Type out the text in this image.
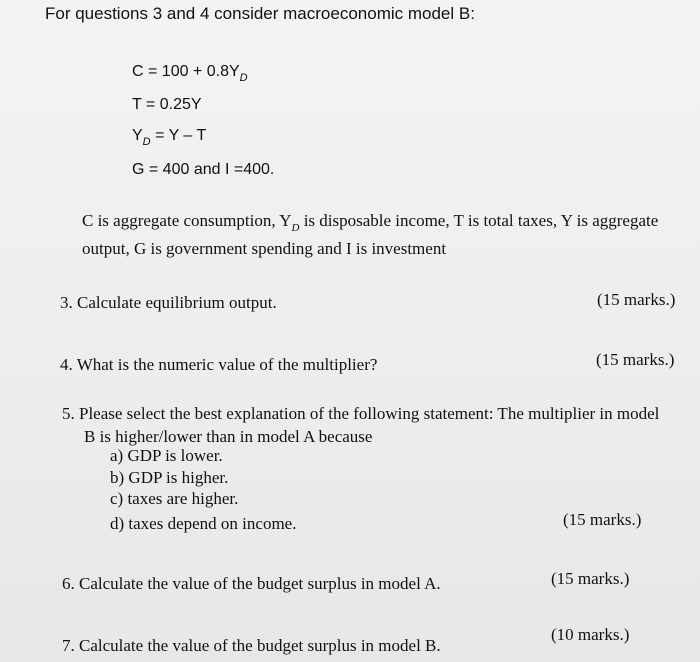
For questions 3 and 4 consider macroeconomic model B:
$C = 100 + 0.8Y_D$
T = 0.25Y
$Y_D = Y - T$
G = 400 and I =400.
C is aggregate consumption, $Y_D$ is disposable income, T is total taxes, Y is aggregate output, G is government spending and I is investment
3. Calculate equilibrium output.	(15 marks.)
4. What is the numeric value of the multiplier?	(15 marks.)
5. Please select the best explanation of the following statement: The multiplier in model
B is higher/lower than in model A because
a) GDP is lower.
b) GDP is higher.
c) taxes are higher.
d) taxes depend on income.	(15 marks.)
6. Calculate the value of the budget surplus in model A.	(15 marks.)
7. Calculate the value of the budget surplus in model B.
(10 marks.)
